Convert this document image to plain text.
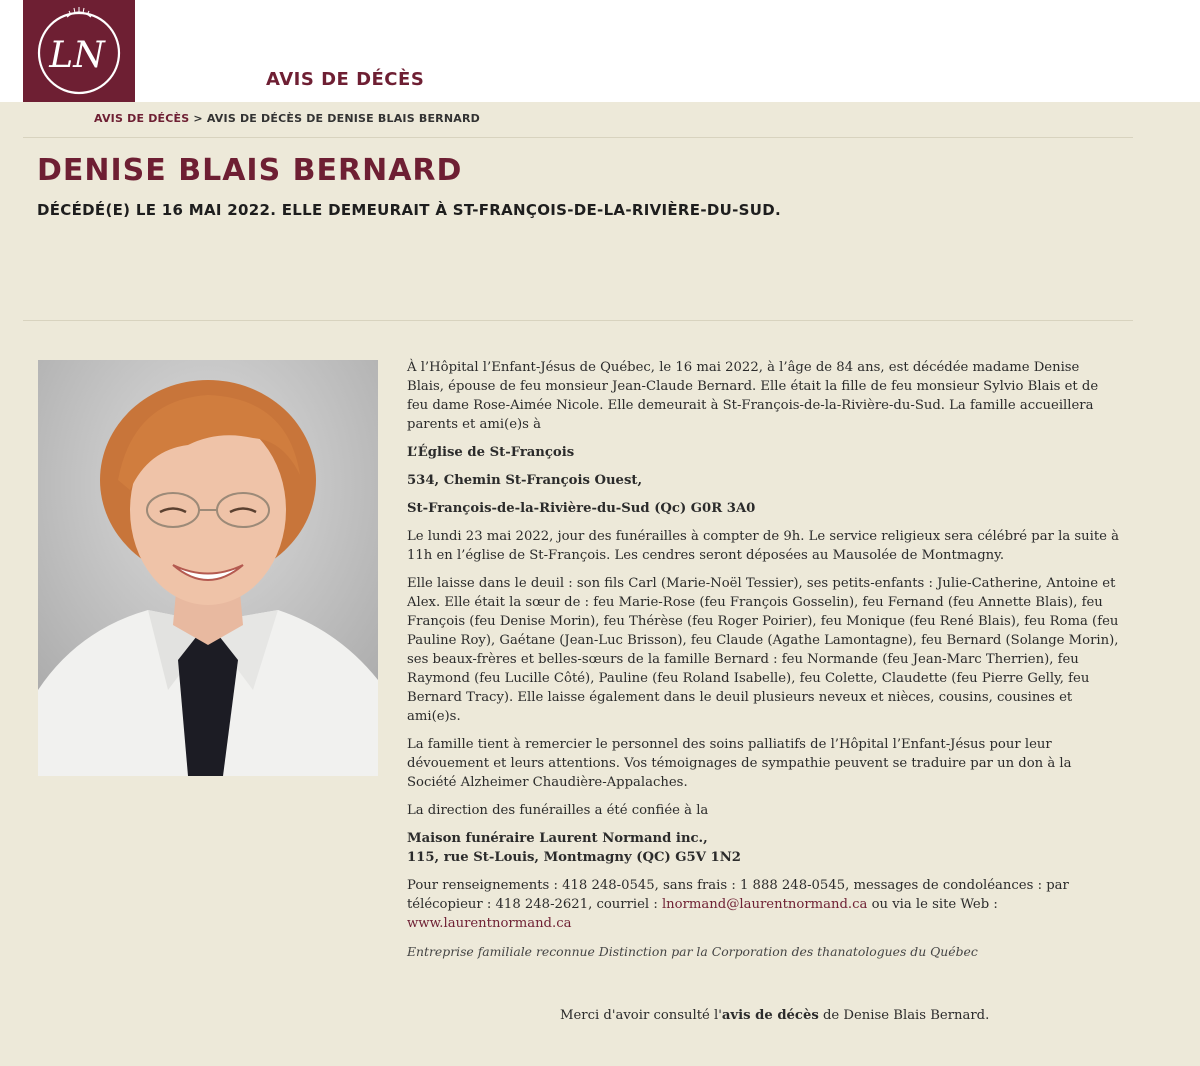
LN
AVIS DE DÉCÈS
AVIS DE DÉCÈS > AVIS DE DÉCÈS DE DENISE BLAIS BERNARD
DENISE BLAIS BERNARD
DÉCÉDÉ(E) LE 16 MAI 2022. ELLE DEMEURAIT À ST-FRANÇOIS-DE-LA-RIVIÈRE-DU-SUD.

À l’Hôpital l’Enfant-Jésus de Québec, le 16 mai 2022, à l’âge de 84 ans, est décédée madame Denise Blais, épouse de feu monsieur Jean-Claude Bernard. Elle était la fille de feu monsieur Sylvio Blais et de feu dame Rose-Aimée Nicole. Elle demeurait à St-François-de-la-Rivière-du-Sud. La famille accueillera parents et ami(e)s à

L’Église de St-François

534, Chemin St-François Ouest,

St-François-de-la-Rivière-du-Sud (Qc) G0R 3A0

Le lundi 23 mai 2022, jour des funérailles à compter de 9h. Le service religieux sera célébré par la suite à 11h en l’église de St-François. Les cendres seront déposées au Mausolée de Montmagny.

Elle laisse dans le deuil : son fils Carl (Marie-Noël Tessier), ses petits-enfants : Julie-Catherine, Antoine et Alex. Elle était la sœur de : feu Marie-Rose (feu François Gosselin), feu Fernand (feu Annette Blais), feu François (feu Denise Morin), feu Thérèse (feu Roger Poirier), feu Monique (feu René Blais), feu Roma (feu Pauline Roy), Gaétane (Jean-Luc Brisson), feu Claude (Agathe Lamontagne), feu Bernard (Solange Morin), ses beaux-frères et belles-sœurs de la famille Bernard : feu Normande (feu Jean-Marc Therrien), feu Raymond (feu Lucille Côté), Pauline (feu Roland Isabelle), feu Colette, Claudette (feu Pierre Gelly, feu Bernard Tracy). Elle laisse également dans le deuil plusieurs neveux et nièces, cousins, cousines et ami(e)s.

La famille tient à remercier le personnel des soins palliatifs de l’Hôpital l’Enfant-Jésus pour leur dévouement et leurs attentions. Vos témoignages de sympathie peuvent se traduire par un don à la Société Alzheimer Chaudière-Appalaches.

La direction des funérailles a été confiée à la

Maison funéraire Laurent Normand inc.,
115, rue St-Louis, Montmagny (QC) G5V 1N2

Pour renseignements : 418 248-0545, sans frais : 1 888 248-0545, messages de condoléances : par télécopieur : 418 248-2621, courriel : lnormand@laurentnormand.ca ou via le site Web : www.laurentnormand.ca

Entreprise familiale reconnue Distinction par la Corporation des thanatologues du Québec

Merci d'avoir consulté l'avis de décès de Denise Blais Bernard.
